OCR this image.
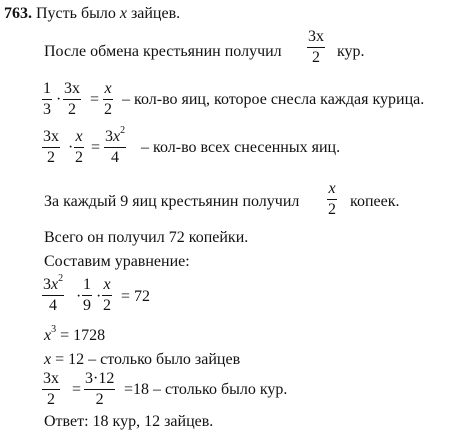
763. Пусть было x зайцев.
После обмена крестьянин получил
3x
2	кур.
1
3
·
3x
2
=
x
2
– кол-во яиц, которое снесла каждая курица.
3x
2
·
x
2
=
$3x^2$
4
– кол-во всех снесенных яиц.
За каждый 9 яиц крестьянин получил
x
2 копеек.
Всего он получил 72 копейки.
Составим уравнение:
$3x^2$
4
·
1
9
·
x
2
= 72
$x^3 = 1728$
x = 12 – столько было зайцев
3x
2
=
3·12
2
=18 – столько было кур.
Ответ: 18 кур, 12 зайцев.
